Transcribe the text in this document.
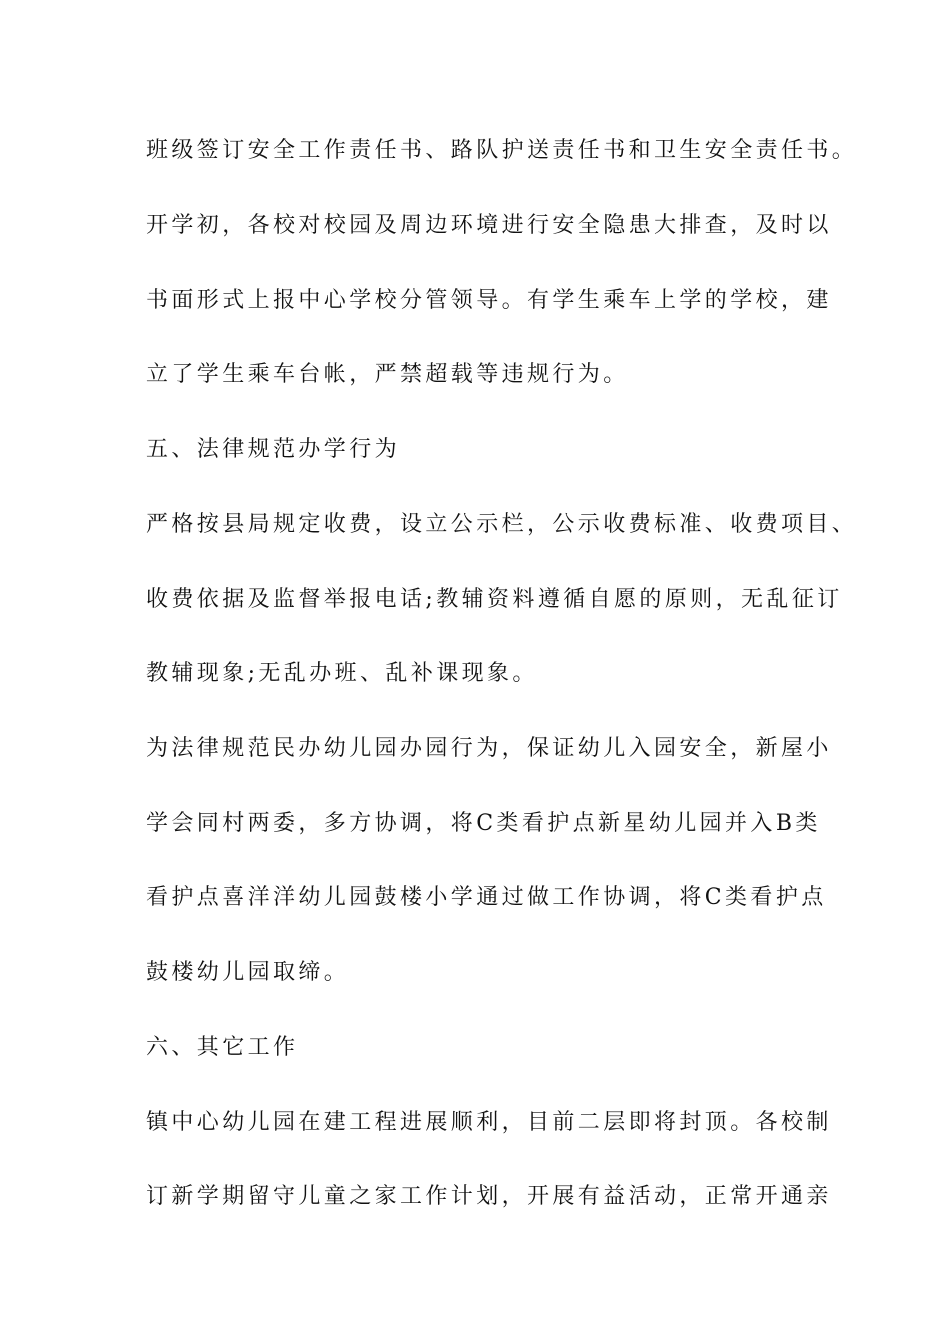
班级签订安全工作责任书、路队护送责任书和卫生安全责任书。
开学初，各校对校园及周边环境进行安全隐患大排查，及时以
书面形式上报中心学校分管领导。有学生乘车上学的学校，建
立了学生乘车台帐，严禁超载等违规行为。
五、法律规范办学行为
严格按县局规定收费，设立公示栏，公示收费标准、收费项目、
收费依据及监督举报电话;教辅资料遵循自愿的原则，无乱征订
教辅现象;无乱办班、乱补课现象。
为法律规范民办幼儿园办园行为，保证幼儿入园安全，新屋小
学会同村两委，多方协调，将C类看护点新星幼儿园并入B类
看护点喜洋洋幼儿园鼓楼小学通过做工作协调，将C类看护点
鼓楼幼儿园取缔。
六、其它工作
镇中心幼儿园在建工程进展顺利，目前二层即将封顶。各校制
订新学期留守儿童之家工作计划，开展有益活动，正常开通亲
